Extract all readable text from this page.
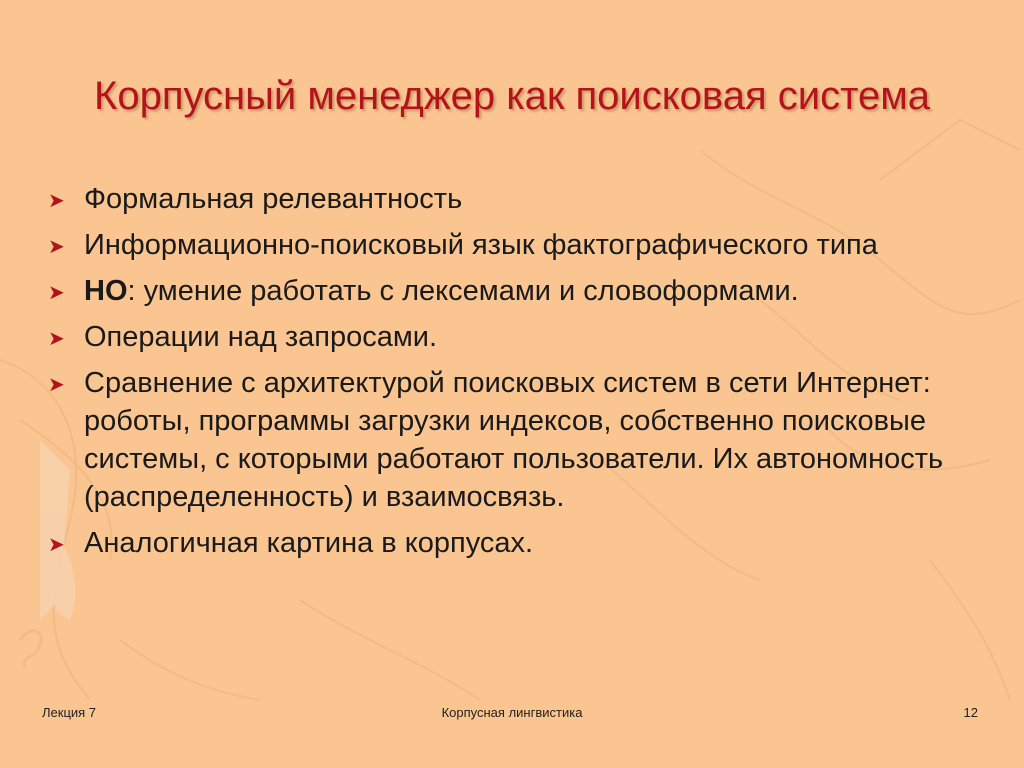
Корпусный менеджер как поисковая система
➤ Формальная релевантность
➤ Информационно-поисковый язык фактографического типа
➤ НО: умение работать с лексемами и словоформами.
➤ Операции над запросами.
➤ Сравнение с архитектурой поисковых систем в сети Интернет: роботы, программы загрузки индексов, собственно поисковые системы, с которыми работают пользователи. Их автономность (распределенность) и взаимосвязь.
➤ Аналогичная картина в корпусах.
Лекция 7	Корпусная лингвистика	12
